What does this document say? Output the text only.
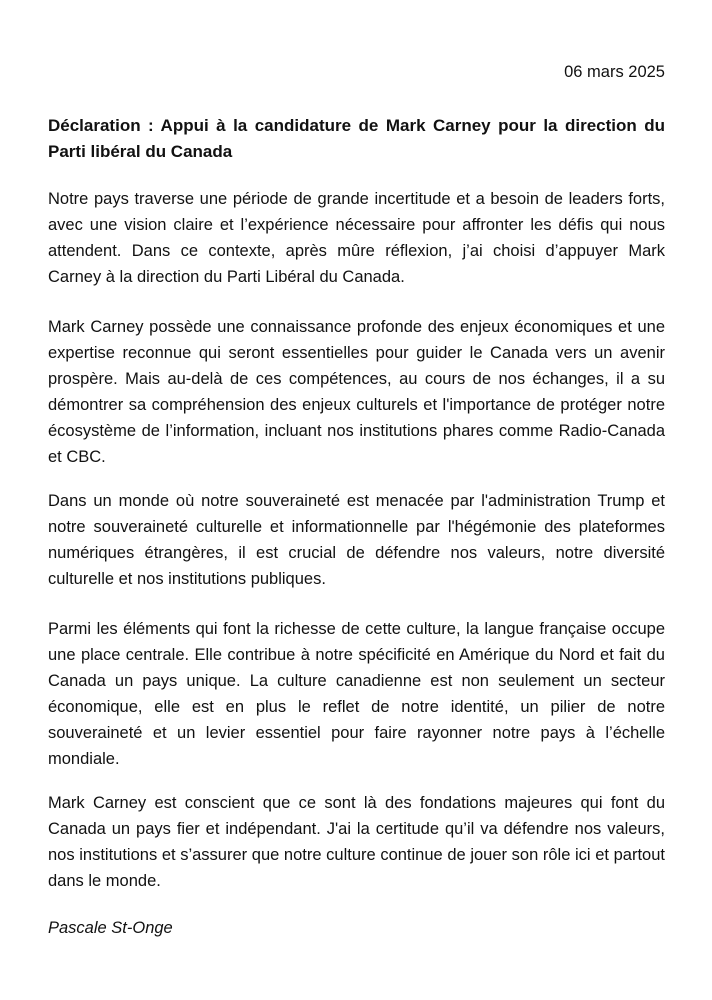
06 mars 2025
Déclaration : Appui à la candidature de Mark Carney pour la direction du Parti libéral du Canada

Notre pays traverse une période de grande incertitude et a besoin de leaders forts, avec une vision claire et l’expérience nécessaire pour affronter les défis qui nous attendent. Dans ce contexte, après mûre réflexion, j’ai choisi d’appuyer Mark Carney à la direction du Parti Libéral du Canada.

Mark Carney possède une connaissance profonde des enjeux économiques et une expertise reconnue qui seront essentielles pour guider le Canada vers un avenir prospère. Mais au-delà de ces compétences, au cours de nos échanges, il a su démontrer sa compréhension des enjeux culturels et l'importance de protéger notre écosystème de l’information, incluant nos institutions phares comme Radio-Canada et CBC.

Dans un monde où notre souveraineté est menacée par l'administration Trump et notre souveraineté culturelle et informationnelle par l'hégémonie des plateformes numériques étrangères, il est crucial de défendre nos valeurs, notre diversité culturelle et nos institutions publiques.

Parmi les éléments qui font la richesse de cette culture, la langue française occupe une place centrale. Elle contribue à notre spécificité en Amérique du Nord et fait du Canada un pays unique. La culture canadienne est non seulement un secteur économique, elle est en plus le reflet de notre identité, un pilier de notre souveraineté et un levier essentiel pour faire rayonner notre pays à l’échelle mondiale.

Mark Carney est conscient que ce sont là des fondations majeures qui font du Canada un pays fier et indépendant. J'ai la certitude qu’il va défendre nos valeurs, nos institutions et s’assurer que notre culture continue de jouer son rôle ici et partout dans le monde.

Pascale St-Onge
